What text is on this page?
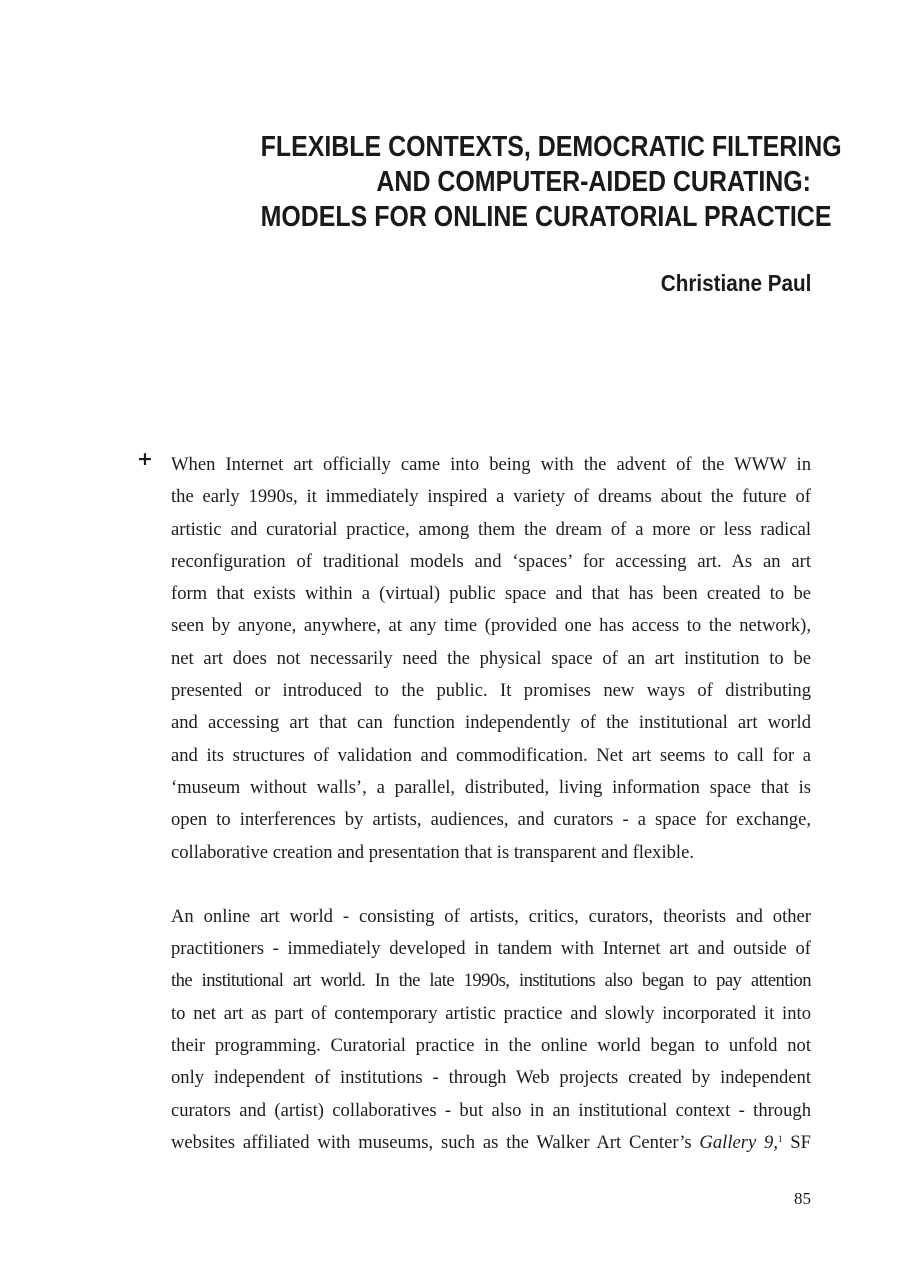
FLEXIBLE CONTEXTS, DEMOCRATIC FILTERING
AND COMPUTER-AIDED CURATING:
MODELS FOR ONLINE CURATORIAL PRACTICE
Christiane Paul
+ When Internet art officially came into being with the advent of the WWW in
the early 1990s, it immediately inspired a variety of dreams about the future of
artistic and curatorial practice, among them the dream of a more or less radical
reconfiguration of traditional models and ‘spaces’ for accessing art. As an art
form that exists within a (virtual) public space and that has been created to be
seen by anyone, anywhere, at any time (provided one has access to the network),
net art does not necessarily need the physical space of an art institution to be
presented or introduced to the public. It promises new ways of distributing
and accessing art that can function independently of the institutional art world
and its structures of validation and commodification. Net art seems to call for a
‘museum without walls’, a parallel, distributed, living information space that is
open to interferences by artists, audiences, and curators - a space for exchange,
collaborative creation and presentation that is transparent and flexible.
An online art world - consisting of artists, critics, curators, theorists and other
practitioners - immediately developed in tandem with Internet art and outside of
the institutional art world. In the late 1990s, institutions also began to pay attention
to net art as part of contemporary artistic practice and slowly incorporated it into
their programming. Curatorial practice in the online world began to unfold not
only independent of institutions - through Web projects created by independent
curators and (artist) collaboratives - but also in an institutional context - through
websites affiliated with museums, such as the Walker Art Center’s Gallery 9,$^1$ SF
85
